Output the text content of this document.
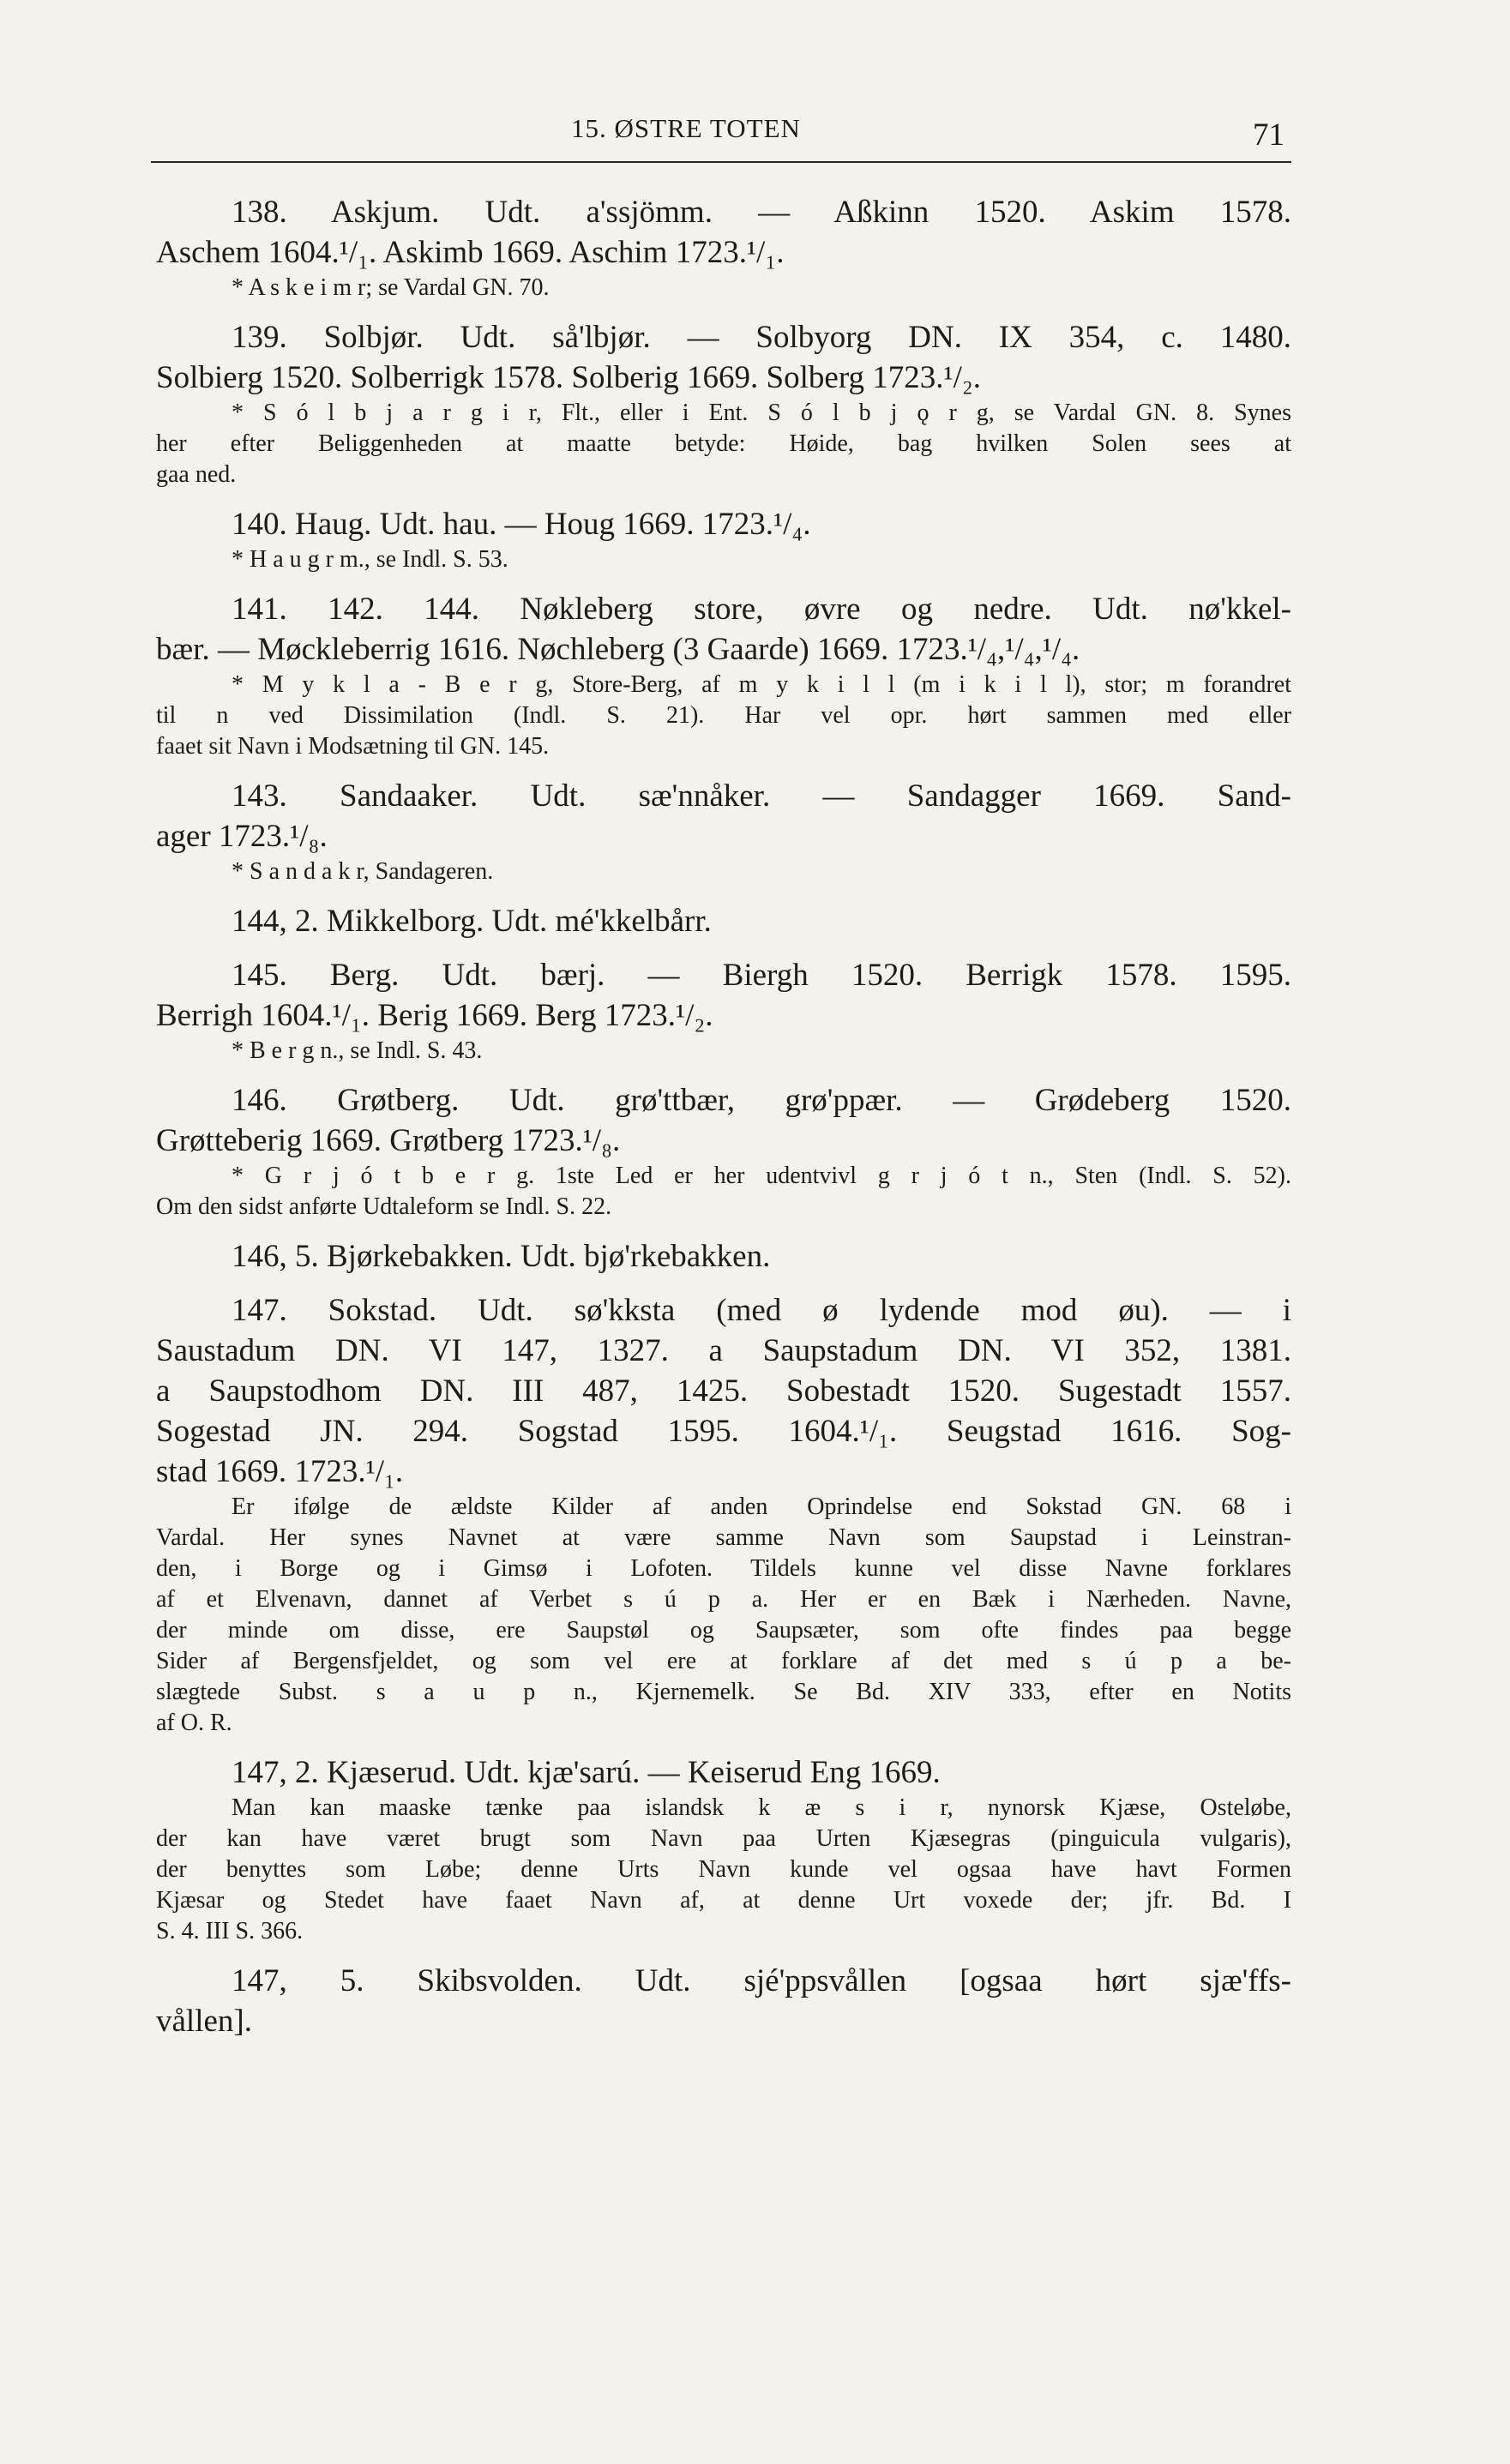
15. ØSTRE TOTEN	71
138. Askjum. Udt. a'ssjömm. — Aßkinn 1520. Askim 1578.
Aschem 1604.¹/₁. Askimb 1669. Aschim 1723.¹/₁.
* A s k e i m r; se Vardal GN. 70.
139. Solbjør. Udt. så'lbjør. — Solbyorg DN. IX 354, c. 1480.
Solbierg 1520. Solberrigk 1578. Solberig 1669. Solberg 1723.¹/₂.
* S ó l b j a r g i r, Flt., eller i Ent. S ó l b j ǫ r g, se Vardal GN. 8. Synes
her efter Beliggenheden at maatte betyde: Høide, bag hvilken Solen sees at
gaa ned.
140. Haug. Udt. hau. — Houg 1669. 1723.¹/₄.
* H a u g r m., se Indl. S. 53.
141. 142. 144. Nøkleberg store, øvre og nedre. Udt. nø'kkel-
bær. — Møckleberrig 1616. Nøchleberg (3 Gaarde) 1669. 1723.¹/₄,¹/₄,¹/₄.
* M y k l a - B e r g, Store-Berg, af m y k i l l (m i k i l l), stor; m forandret
til n ved Dissimilation (Indl. S. 21). Har vel opr. hørt sammen med eller
faaet sit Navn i Modsætning til GN. 145.
143. Sandaaker. Udt. sæ'nnåker. — Sandagger 1669. Sand-
ager 1723.¹/₈.
* S a n d a k r, Sandageren.
144, 2. Mikkelborg. Udt. mé'kkelbårr.
145. Berg. Udt. bærj. — Biergh 1520. Berrigk 1578. 1595.
Berrigh 1604.¹/₁. Berig 1669. Berg 1723.¹/₂.
* B e r g n., se Indl. S. 43.
146. Grøtberg. Udt. grø'ttbær, grø'ppær. — Grødeberg 1520.
Grøtteberig 1669. Grøtberg 1723.¹/₈.
* G r j ó t b e r g. 1ste Led er her udentvivl g r j ó t n., Sten (Indl. S. 52).
Om den sidst anførte Udtaleform se Indl. S. 22.
146, 5. Bjørkebakken. Udt. bjø'rkebakken.
147. Sokstad. Udt. sø'kksta (med ø lydende mod øu). — i
Saustadum DN. VI 147, 1327. a Saupstadum DN. VI 352, 1381.
a Saupstodhom DN. III 487, 1425. Sobestadt 1520. Sugestadt 1557.
Sogestad JN. 294. Sogstad 1595. 1604.¹/₁. Seugstad 1616. Sog-
stad 1669. 1723.¹/₁.
Er ifølge de ældste Kilder af anden Oprindelse end Sokstad GN. 68 i
Vardal. Her synes Navnet at være samme Navn som Saupstad i Leinstran-
den, i Borge og i Gimsø i Lofoten. Tildels kunne vel disse Navne forklares
af et Elvenavn, dannet af Verbet s ú p a. Her er en Bæk i Nærheden. Navne,
der minde om disse, ere Saupstøl og Saupsæter, som ofte findes paa begge
Sider af Bergensfjeldet, og som vel ere at forklare af det med s ú p a be-
slægtede Subst. s a u p n., Kjernemelk. Se Bd. XIV 333, efter en Notits
af O. R.
147, 2. Kjæserud. Udt. kjæ'sarú. — Keiserud Eng 1669.
Man kan maaske tænke paa islandsk k æ s i r, nynorsk Kjæse, Osteløbe,
der kan have været brugt som Navn paa Urten Kjæsegras (pinguicula vulgaris),
der benyttes som Løbe; denne Urts Navn kunde vel ogsaa have havt Formen
Kjæsar og Stedet have faaet Navn af, at denne Urt voxede der; jfr. Bd. I
S. 4. III S. 366.
147, 5. Skibsvolden. Udt. sjé'ppsvållen [ogsaa hørt sjæ'ffs-
vållen].
